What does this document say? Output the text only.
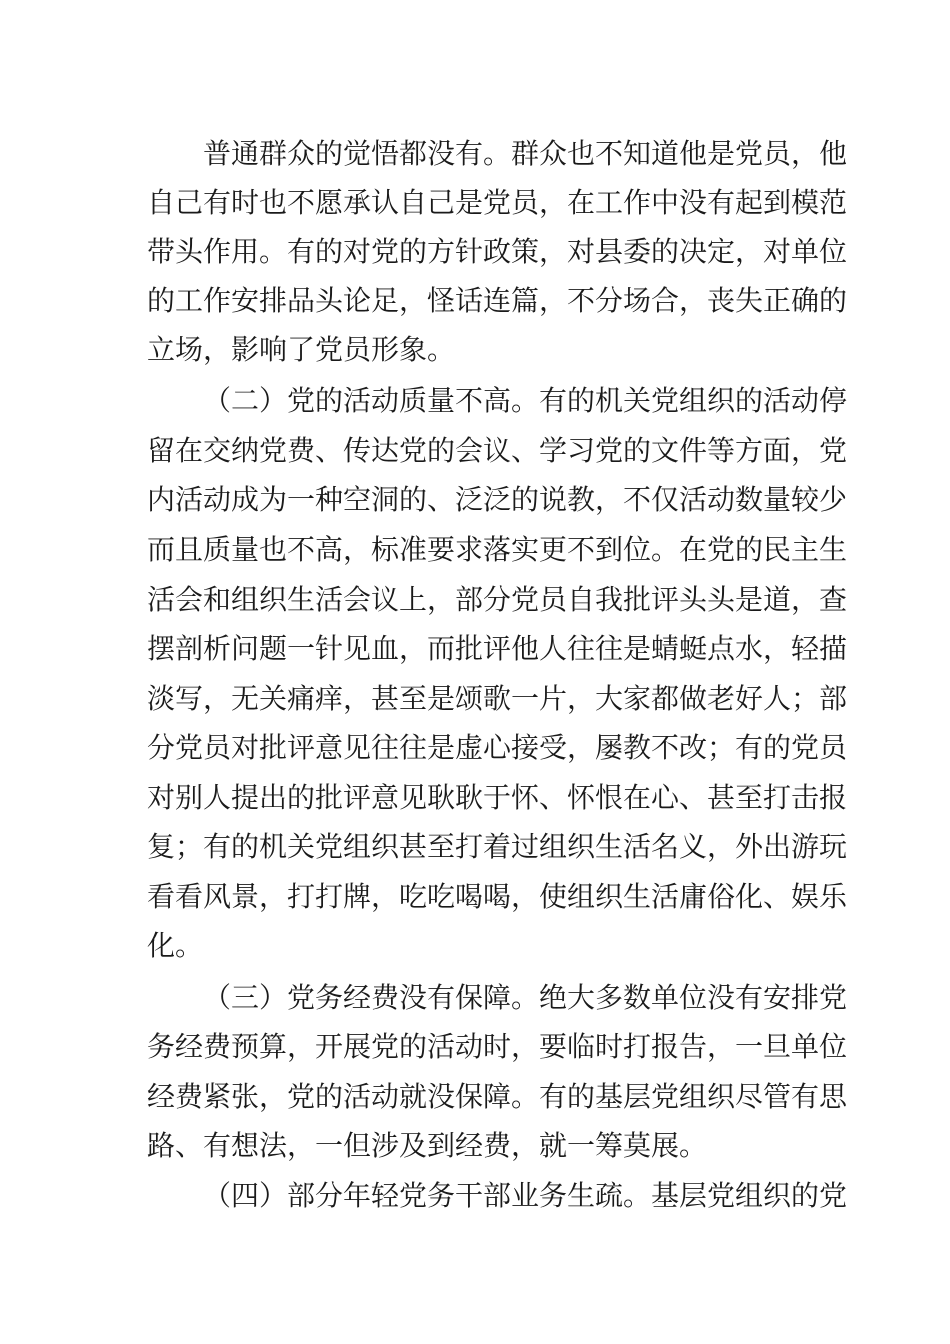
普通群众的觉悟都没有。群众也不知道他是党员，他
自己有时也不愿承认自己是党员，在工作中没有起到模范
带头作用。有的对党的方针政策，对县委的决定，对单位
的工作安排品头论足，怪话连篇，不分场合，丧失正确的
立场，影响了党员形象。
（二）党的活动质量不高。有的机关党组织的活动停
留在交纳党费、传达党的会议、学习党的文件等方面，党
内活动成为一种空洞的、泛泛的说教，不仅活动数量较少
而且质量也不高，标准要求落实更不到位。在党的民主生
活会和组织生活会议上，部分党员自我批评头头是道，查
摆剖析问题一针见血，而批评他人往往是蜻蜓点水，轻描
淡写，无关痛痒，甚至是颂歌一片，大家都做老好人；部
分党员对批评意见往往是虚心接受，屡教不改；有的党员
对别人提出的批评意见耿耿于怀、怀恨在心、甚至打击报
复；有的机关党组织甚至打着过组织生活名义，外出游玩
看看风景，打打牌，吃吃喝喝，使组织生活庸俗化、娱乐
化。
（三）党务经费没有保障。绝大多数单位没有安排党
务经费预算，开展党的活动时，要临时打报告，一旦单位
经费紧张，党的活动就没保障。有的基层党组织尽管有思
路、有想法，一但涉及到经费，就一筹莫展。
（四）部分年轻党务干部业务生疏。基层党组织的党
